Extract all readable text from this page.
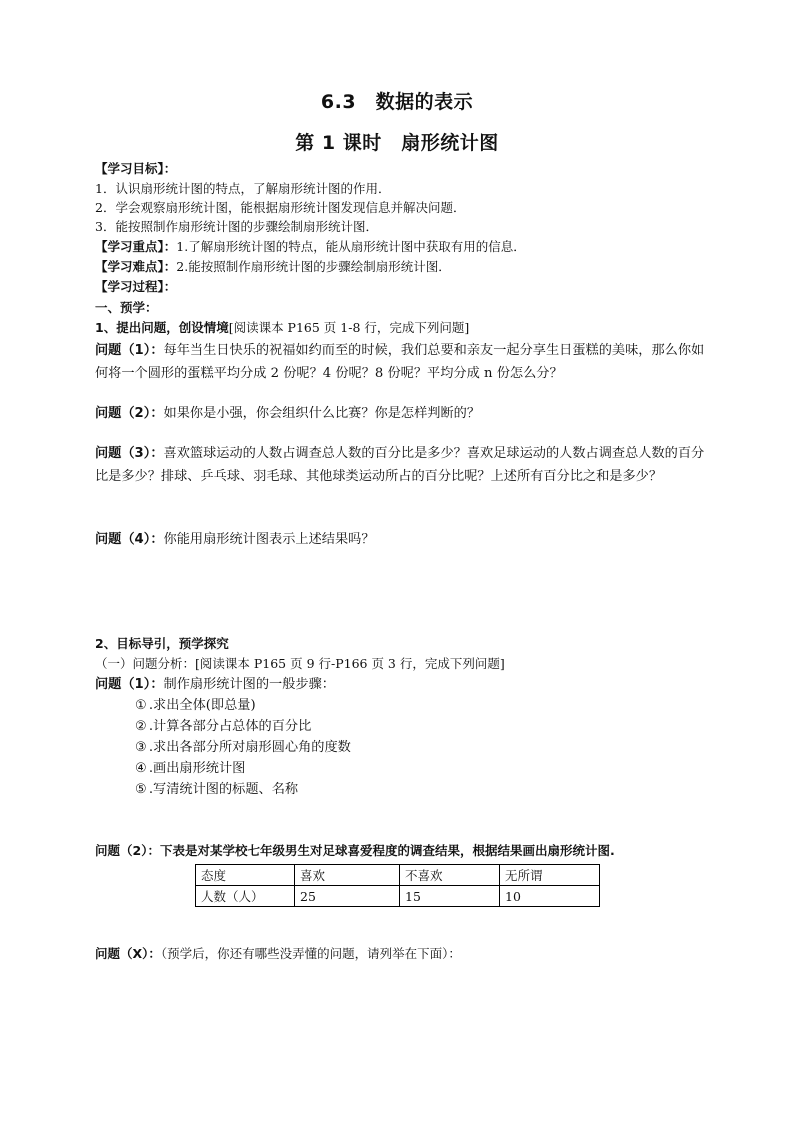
6.3　数据的表示
第 1 课时　扇形统计图
【学习目标】：
1．认识扇形统计图的特点，了解扇形统计图的作用．
2．学会观察扇形统计图，能根据扇形统计图发现信息并解决问题．
3．能按照制作扇形统计图的步骤绘制扇形统计图．
【学习重点】：1.了解扇形统计图的特点，能从扇形统计图中获取有用的信息．
【学习难点】：2.能按照制作扇形统计图的步骤绘制扇形统计图．
【学习过程】：
一、预学：
1、提出问题，创设情境[阅读课本 P165 页 1-8 行，完成下列问题]
问题（1）：每年当生日快乐的祝福如约而至的时候，我们总要和亲友一起分享生日蛋糕的美味，那么你如何将一个圆形的蛋糕平均分成 2 份呢？4 份呢？8 份呢？平均分成 n 份怎么分？
问题（2）：如果你是小强，你会组织什么比赛？你是怎样判断的？
问题（3）：喜欢篮球运动的人数占调查总人数的百分比是多少？喜欢足球运动的人数占调查总人数的百分比是多少？排球、乒乓球、羽毛球、其他球类运动所占的百分比呢？上述所有百分比之和是多少？
问题（4）：你能用扇形统计图表示上述结果吗？
2、目标导引，预学探究
（一）问题分析：[阅读课本 P165 页 9 行-P166 页 3 行，完成下列问题]
问题（1）：制作扇形统计图的一般步骤：
① .求出全体(即总量)
② .计算各部分占总体的百分比
③ .求出各部分所对扇形圆心角的度数
④ .画出扇形统计图
⑤ .写清统计图的标题、名称
问题（2）：下表是对某学校七年级男生对足球喜爱程度的调查结果，根据结果画出扇形统计图.
态度	喜欢	不喜欢	无所谓
人数（人）	25	15	10
问题（X）：（预学后，你还有哪些没弄懂的问题，请列举在下面）：
